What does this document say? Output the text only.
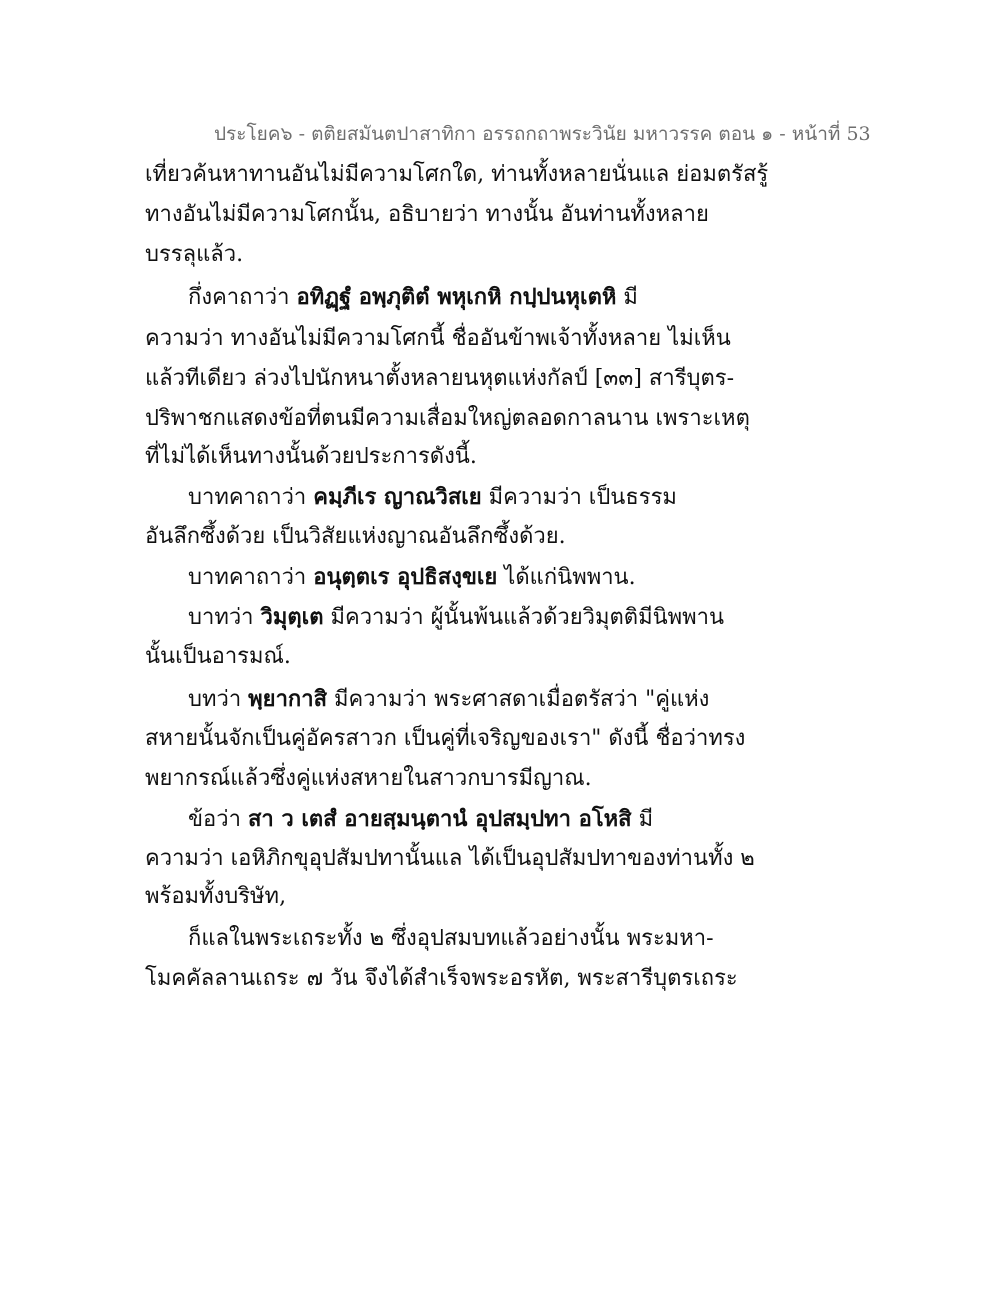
ประโยค๖ - ตติยสมันตปาสาทิกา อรรถกถาพระวินัย มหาวรรค ตอน ๑ - หน้าที่ 53
เที่ยวค้นหาทานอันไม่มีความโศกใด, ท่านทั้งหลายนั่นแล ย่อมตรัสรู้
ทางอันไม่มีความโศกนั้น, อธิบายว่า ทางนั้น อันท่านทั้งหลาย
บรรลุแล้ว.
กึ่งคาถาว่า อทิฏฺฐํ อพฺภุติตํ พหุเกหิ กปฺปนหุเตหิ มี
ความว่า ทางอันไม่มีความโศกนี้ ชื่ออันข้าพเจ้าทั้งหลาย ไม่เห็น
แล้วทีเดียว ล่วงไปนักหนาตั้งหลายนหุตแห่งกัลป์ [๓๓] สารีบุตร-
ปริพาชกแสดงข้อที่ตนมีความเสื่อมใหญ่ตลอดกาลนาน เพราะเหตุ
ที่ไม่ได้เห็นทางนั้นด้วยประการดังนี้.
บาทคาถาว่า คมฺภีเร ญาณวิสเย มีความว่า เป็นธรรม
อันลึกซึ้งด้วย เป็นวิสัยแห่งญาณอันลึกซึ้งด้วย.
บาทคาถาว่า อนุตฺตเร อุปธิสงฺขเย ได้แก่นิพพาน.
บาทว่า วิมุตฺเต มีความว่า ผู้นั้นพ้นแล้วด้วยวิมุตติมีนิพพาน
นั้นเป็นอารมณ์.
บทว่า พฺยากาสิ มีความว่า พระศาสดาเมื่อตรัสว่า "คู่แห่ง
สหายนั้นจักเป็นคู่อัครสาวก เป็นคู่ที่เจริญของเรา" ดังนี้ ชื่อว่าทรง
พยากรณ์แล้วซึ่งคู่แห่งสหายในสาวกบารมีญาณ.
ข้อว่า สา ว เตสํ อายสฺมนฺตานํ อุปสมฺปทา อโหสิ มี
ความว่า เอหิภิกขุอุปสัมปทานั้นแล ได้เป็นอุปสัมปทาของท่านทั้ง ๒
พร้อมทั้งบริษัท,
ก็แลในพระเถระทั้ง ๒ ซึ่งอุปสมบทแล้วอย่างนั้น พระมหา-
โมคคัลลานเถระ ๗ วัน จึงได้สำเร็จพระอรหัต, พระสารีบุตรเถระ
